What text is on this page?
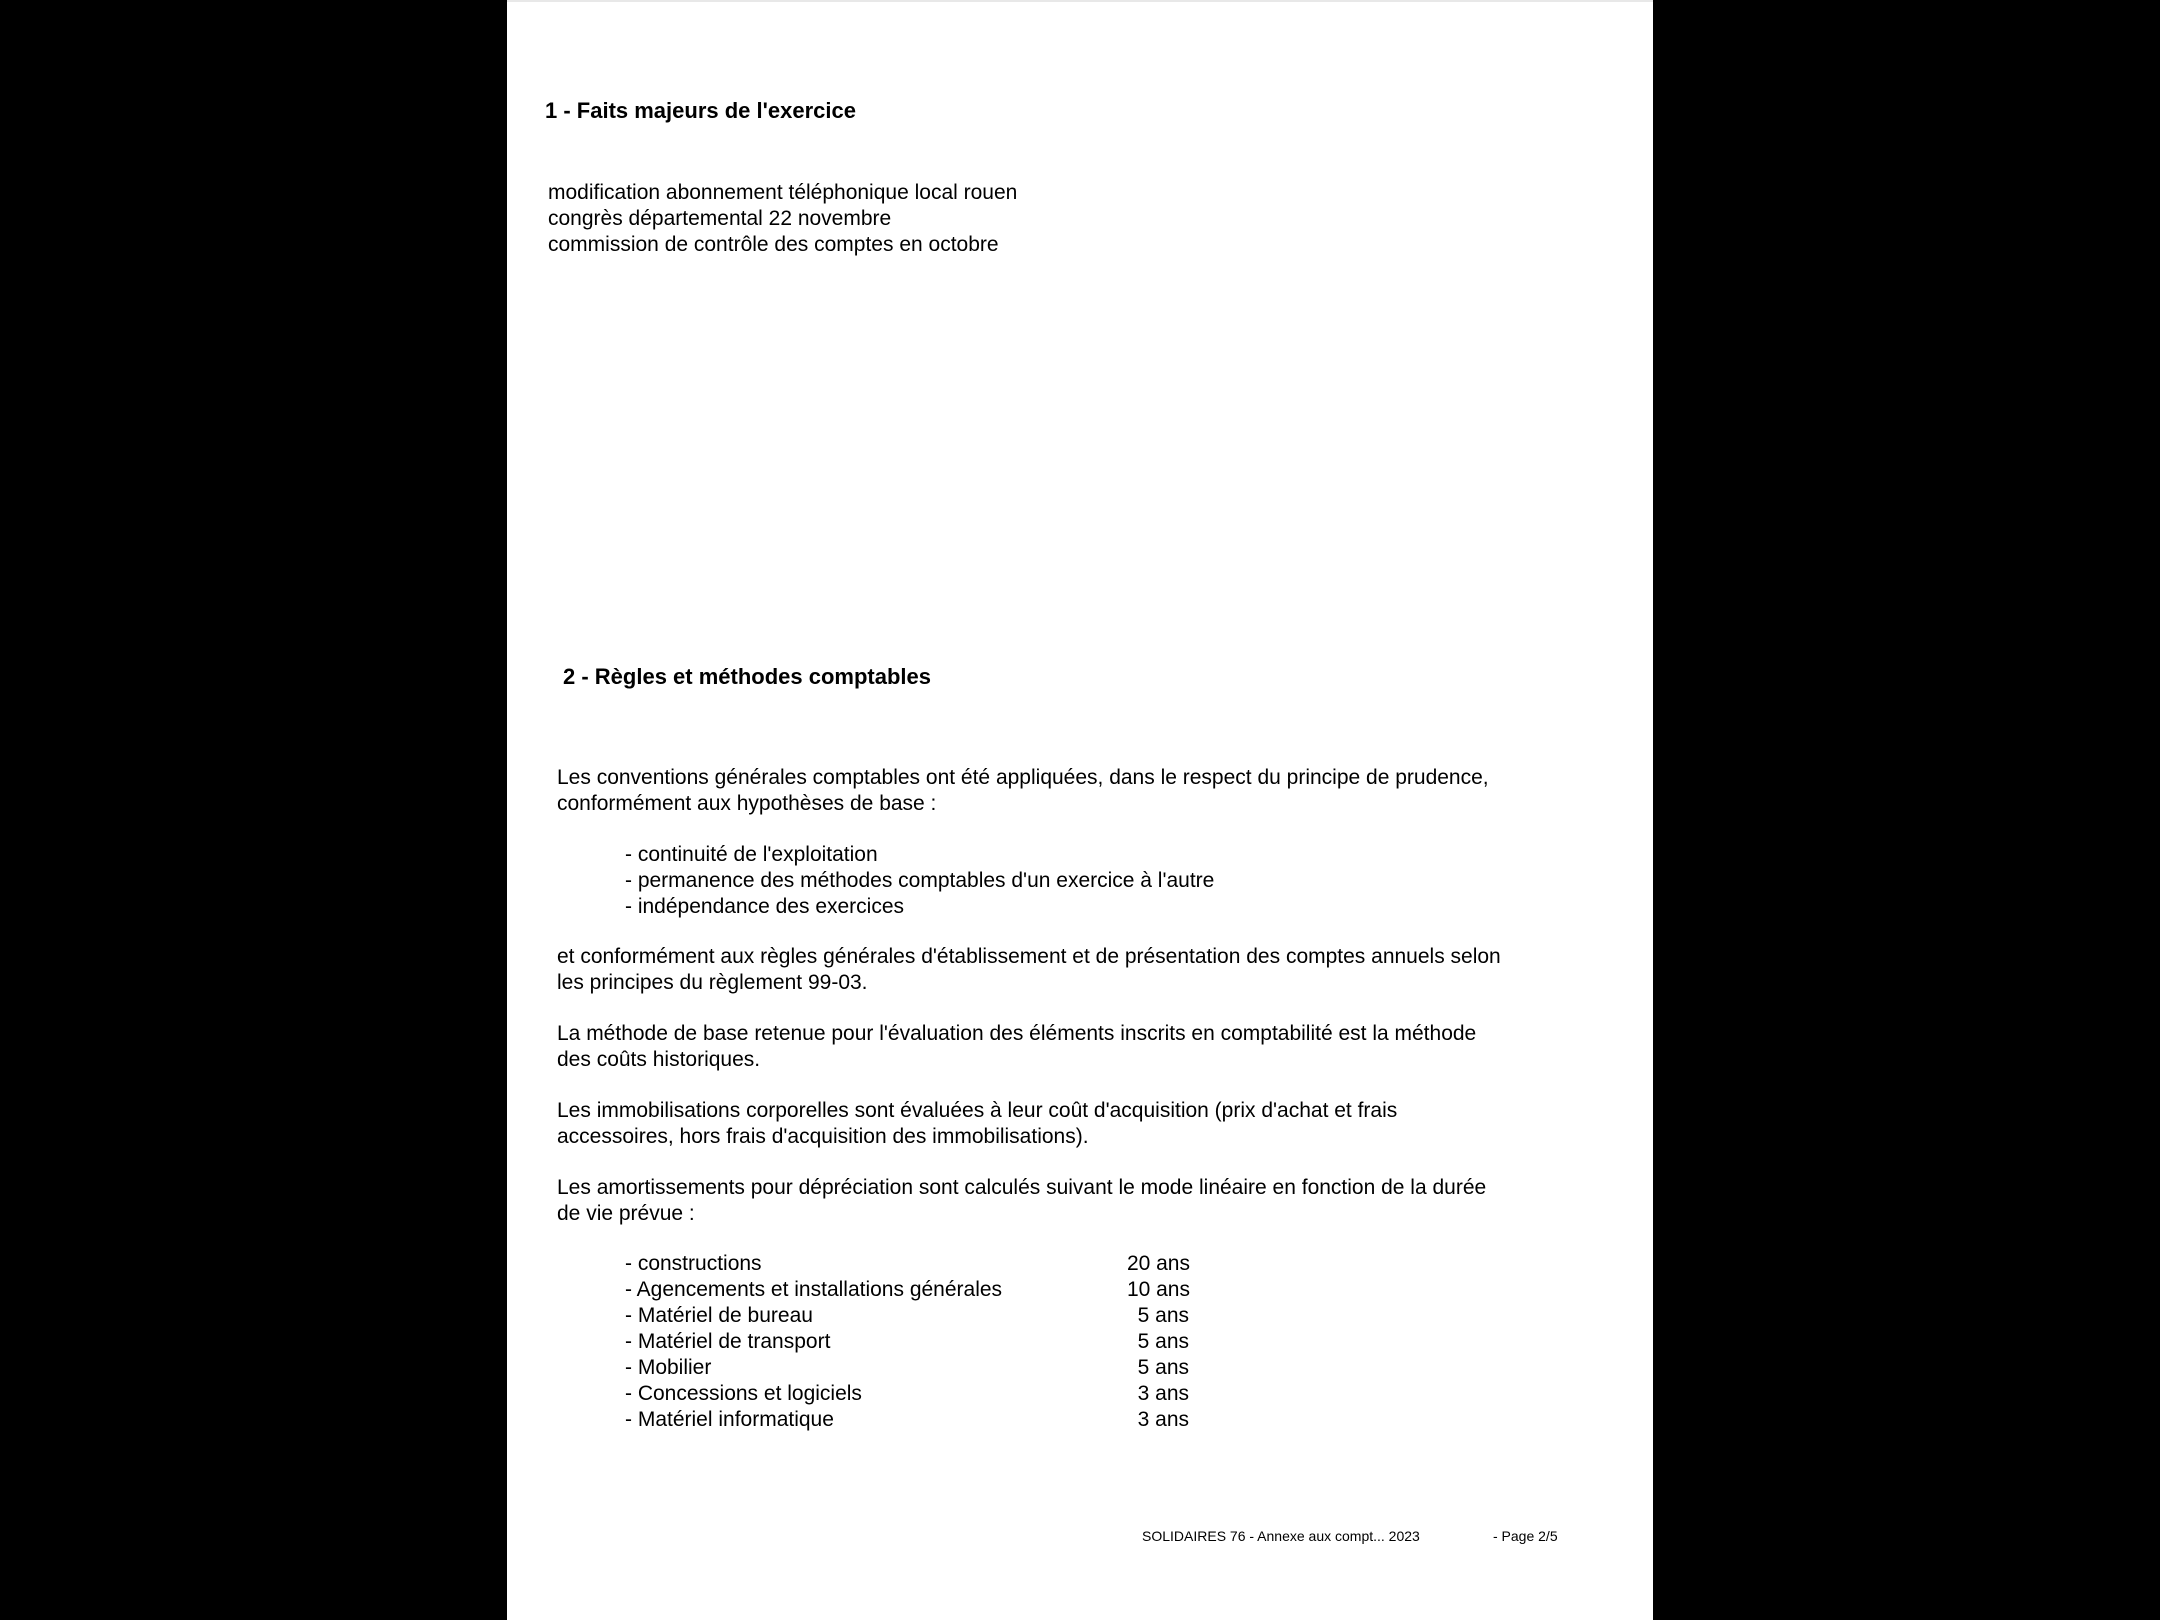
1 - Faits majeurs de l'exercice
modification abonnement téléphonique local rouen
congrès départemental 22 novembre
commission de contrôle des comptes en octobre
2 - Règles et méthodes comptables
Les conventions générales comptables ont été appliquées, dans le respect du principe de prudence,
conformément aux hypothèses de base :
- continuité de l'exploitation
- permanence des méthodes comptables d'un exercice à l'autre
- indépendance des exercices
et conformément aux règles générales d'établissement et de présentation des comptes annuels selon
les principes du règlement 99-03.
La méthode de base retenue pour l'évaluation des éléments inscrits en comptabilité est la méthode
des coûts historiques.
Les immobilisations corporelles sont évaluées à leur coût d'acquisition (prix d'achat et frais
accessoires, hors frais d'acquisition des immobilisations).
Les amortissements pour dépréciation sont calculés suivant le mode linéaire en fonction de la durée
de vie prévue :
- constructions	20 ans
- Agencements et installations générales	10 ans
- Matériel de bureau	5 ans
- Matériel de transport	5 ans
- Mobilier	5 ans
- Concessions et logiciels	3 ans
- Matériel informatique	3 ans
SOLIDAIRES 76 - Annexe aux compt... 2023	- Page 2/5
